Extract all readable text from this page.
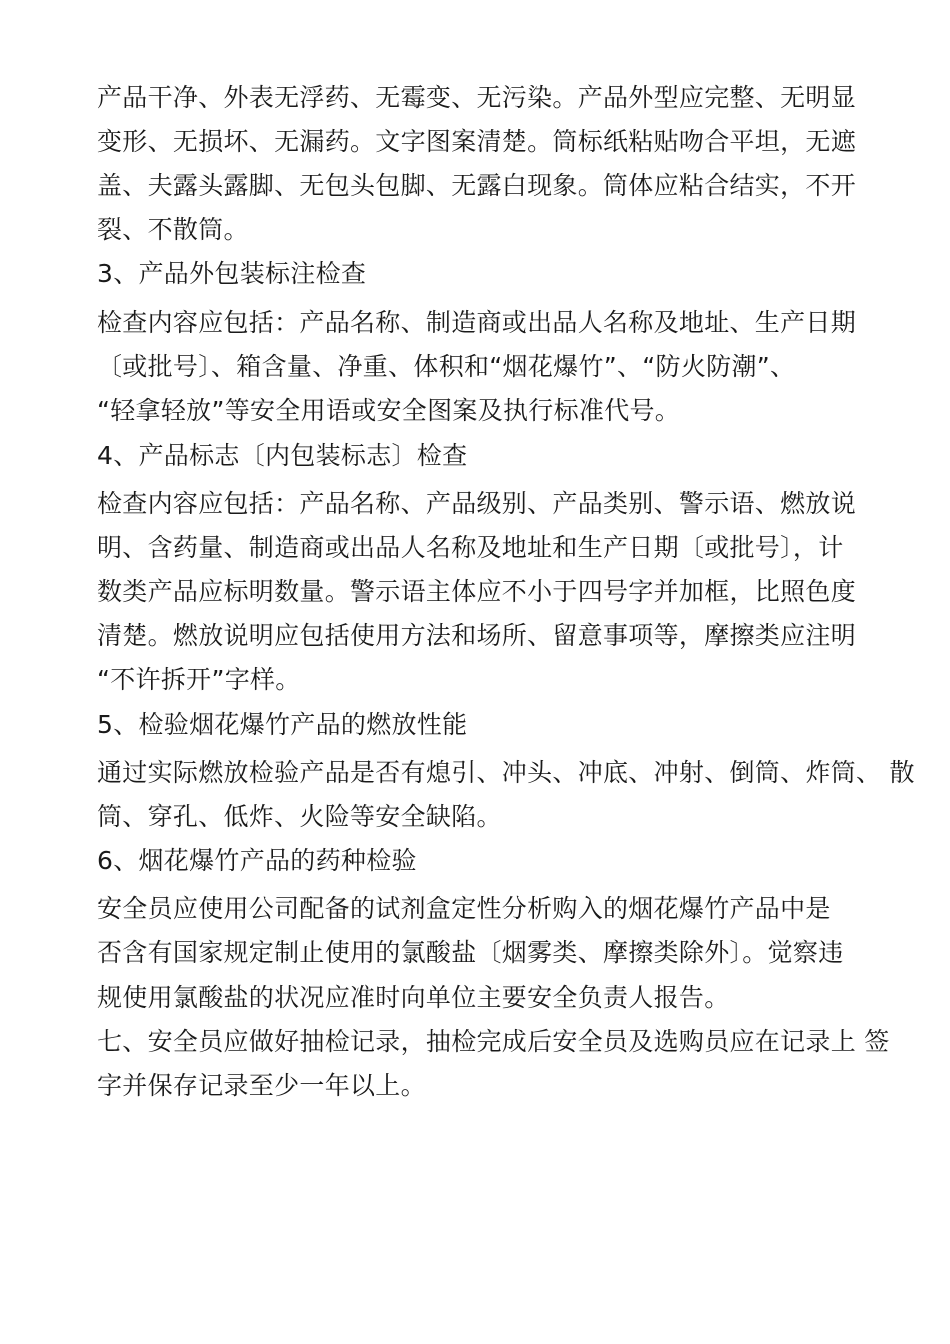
产品干净、外表无浮药、无霉变、无污染。产品外型应完整、无明显
变形、无损坏、无漏药。文字图案清楚。筒标纸粘贴吻合平坦，无遮
盖、夫露头露脚、无包头包脚、无露白现象。筒体应粘合结实，不开
裂、不散筒。
3、产品外包装标注检查
检查内容应包括：产品名称、制造商或出品人名称及地址、生产日期
〔或批号〕、箱含量、净重、体积和“烟花爆竹”、“防火防潮”、
“轻拿轻放”等安全用语或安全图案及执行标准代号。
4、产品标志〔内包装标志〕检查
检查内容应包括：产品名称、产品级别、产品类别、警示语、燃放说
明、含药量、制造商或出品人名称及地址和生产日期〔或批号〕，计
数类产品应标明数量。警示语主体应不小于四号字并加框，比照色度
清楚。燃放说明应包括使用方法和场所、留意事项等，摩擦类应注明
“不许拆开”字样。
5、检验烟花爆竹产品的燃放性能
通过实际燃放检验产品是否有熄引、冲头、冲底、冲射、倒筒、炸筒、 散
筒、穿孔、低炸、火险等安全缺陷。
6、烟花爆竹产品的药种检验
安全员应使用公司配备的试剂盒定性分析购入的烟花爆竹产品中是
否含有国家规定制止使用的氯酸盐〔烟雾类、摩擦类除外〕。觉察违
规使用氯酸盐的状况应准时向单位主要安全负责人报告。
七、安全员应做好抽检记录，抽检完成后安全员及选购员应在记录上 签
字并保存记录至少一年以上。
